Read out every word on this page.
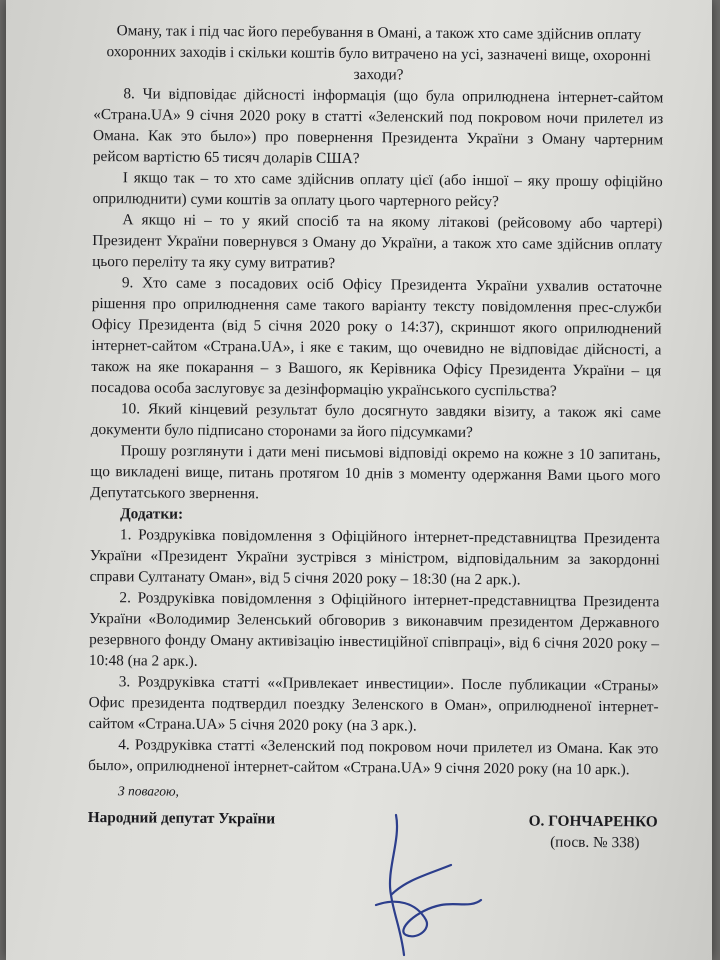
Оману, так і під час його перебування в Омані, а також хто саме здійснив оплату охоронних заходів і скільки коштів було витрачено на усі, зазначені вище, охоронні заходи?

8. Чи відповідає дійсності інформація (що була оприлюднена інтернет-сайтом «Страна.UA» 9 січня 2020 року в статті «Зеленский под покровом ночи прилетел из Омана. Как это было») про повернення Президента України з Оману чартерним рейсом вартістю 65 тисяч доларів США?

І якщо так – то хто саме здійснив оплату цієї (або іншої – яку прошу офіційно оприлюднити) суми коштів за оплату цього чартерного рейсу?

А якщо ні – то у який спосіб та на якому літакові (рейсовому або чартері) Президент України повернувся з Оману до України, а також хто саме здійснив оплату цього переліту та яку суму витратив?

9. Хто саме з посадових осіб Офісу Президента України ухвалив остаточне рішення про оприлюднення саме такого варіанту тексту повідомлення прес-служби Офісу Президента (від 5 січня 2020 року о 14:37), скриншот якого оприлюднений інтернет-сайтом «Страна.UA», і яке є таким, що очевидно не відповідає дійсності, а також на яке покарання – з Вашого, як Керівника Офісу Президента України – ця посадова особа заслуговує за дезінформацію українського суспільства?

10. Який кінцевий результат було досягнуто завдяки візиту, а також які саме документи було підписано сторонами за його підсумками?

Прошу розглянути і дати мені письмові відповіді окремо на кожне з 10 запитань, що викладені вище, питань протягом 10 днів з моменту одержання Вами цього мого Депутатського звернення.

Додатки:

1. Роздруківка повідомлення з Офіційного інтернет-представництва Президента України «Президент України зустрівся з міністром, відповідальним за закордонні справи Султанату Оман», від 5 січня 2020 року – 18:30 (на 2 арк.).

2. Роздруківка повідомлення з Офіційного інтернет-представництва Президента України «Володимир Зеленський обговорив з виконавчим президентом Державного резервного фонду Оману активізацію інвестиційної співпраці», від 6 січня 2020 року – 10:48 (на 2 арк.).

3. Роздруківка статті ««Привлекает инвестиции». После публикации «Страны» Офис президента подтвердил поездку Зеленского в Оман», оприлюдненої інтернет-сайтом «Страна.UA» 5 січня 2020 року (на 3 арк.).

4. Роздруківка статті «Зеленский под покровом ночи прилетел из Омана. Как это было», оприлюдненої інтернет-сайтом «Страна.UA» 9 січня 2020 року (на 10 арк.).

З повагою,
Народний депутат України	О. ГОНЧАРЕНКО
(посв. № 338)
